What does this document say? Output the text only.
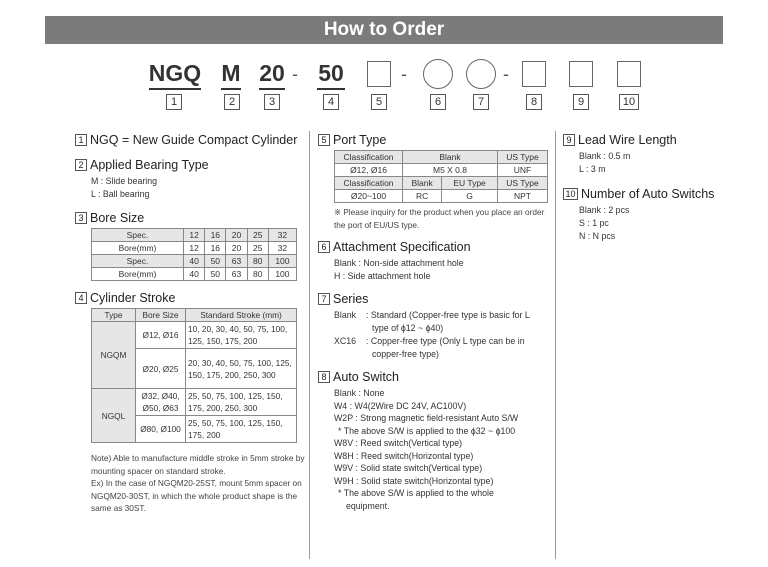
How to Order
NGQ M 20 - 50	-	-
1	2	3	4	5	6	7	8	9	10
1 NGQ = New Guide Compact Cylinder
2 Applied Bearing Type
M : Slide bearing
L : Ball bearing
3 Bore Size
Spec.	12	16	20	25	32
Bore(mm)	12	16	20	25	32
Spec.	40	50	63	80	100
Bore(mm)	40	50	63	80	100
4 Cylinder Stroke
Type	Bore Size	Standard Stroke (mm)
NGQM	Ø12, Ø16	10, 20, 30, 40, 50, 75, 100, 125, 150, 175, 200
	Ø20, Ø25	20, 30, 40, 50, 75, 100, 125, 150, 175, 200, 250, 300
NGQL	Ø32, Ø40, Ø50, Ø63	25, 50, 75, 100, 125, 150, 175, 200, 250, 300
	Ø80, Ø100	25, 50, 75, 100, 125, 150, 175, 200
Note) Able to manufacture middle stroke in 5mm stroke by mounting spacer on standard stroke.
Ex) In the case of NGQM20-25ST, mount 5mm spacer on NGQM20-30ST, in which the whole product shape is the same as 30ST.
5 Port Type
Classification	Blank		US Type
Ø12, Ø16	M5 X 0.8		UNF
Classification	Blank	EU Type	US Type
Ø20~100	RC	G	NPT
※ Please inquiry for the product when you place an order the port of EU/US type.
6 Attachment Specification
Blank : Non-side attachment hole
H : Side attachment hole
7 Series
Blank : Standard (Copper-free type is basic for L
type of ϕ12 ~ ϕ40)
XC16 : Copper-free type (Only L type can be in
copper-free type)
8 Auto Switch
Blank : None
W4 : W4(2Wire DC 24V, AC100V)
W2P : Strong magnetic field-resistant Auto S/W
* The above S/W is applied to the ϕ32 ~ ϕ100
W8V : Reed switch(Vertical type)
W8H : Reed switch(Horizontal type)
W9V : Solid state switch(Vertical type)
W9H : Solid state switch(Horizontal type)
* The above S/W is applied to the whole
equipment.
9 Lead Wire Length
Blank : 0.5 m
L : 3 m
10 Number of Auto Switchs
Blank : 2 pcs
S : 1 pc
N : N pcs
